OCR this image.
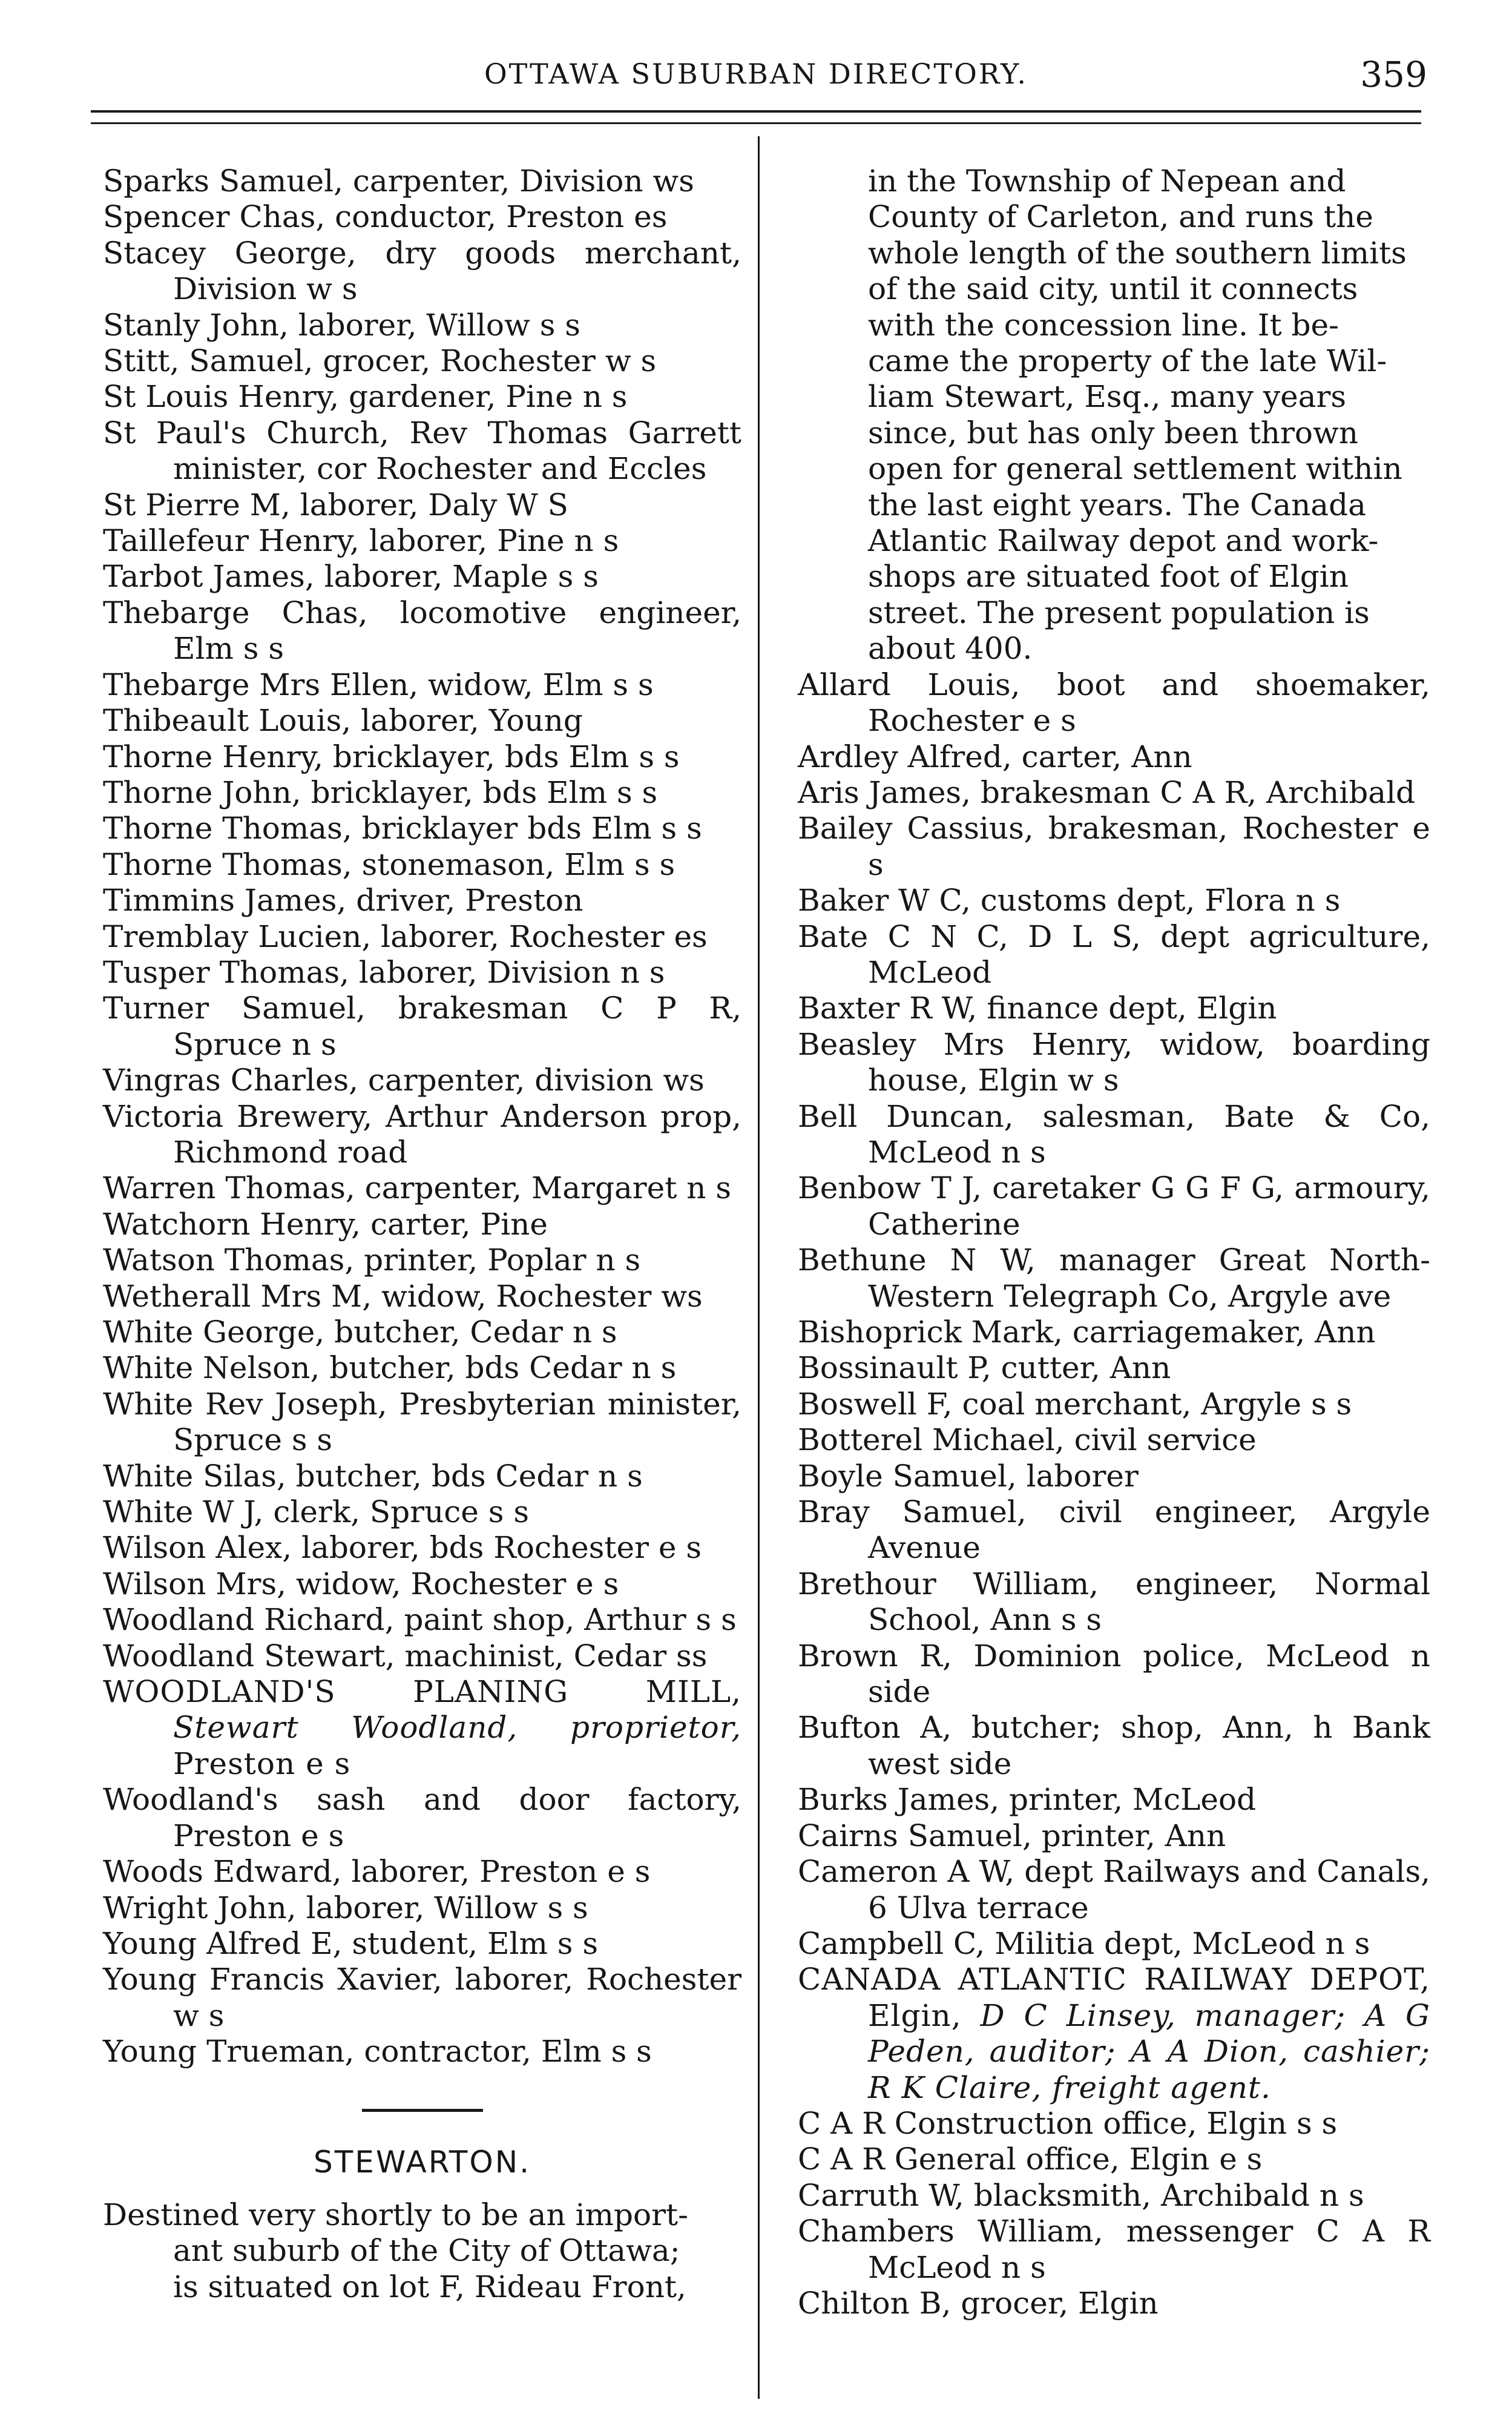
OTTAWA SUBURBAN DIRECTORY.	359
Sparks Samuel, carpenter, Division ws
Spencer Chas, conductor, Preston es
Stacey George, dry goods merchant, Division w s
Stanly John, laborer, Willow s s
Stitt, Samuel, grocer, Rochester w s
St Louis Henry, gardener, Pine n s
St Paul's Church, Rev Thomas Garrett minister, cor Rochester and Eccles
St Pierre M, laborer, Daly W S
Taillefeur Henry, laborer, Pine n s
Tarbot James, laborer, Maple s s
Thebarge Chas, locomotive engineer, Elm s s
Thebarge Mrs Ellen, widow, Elm s s
Thibeault Louis, laborer, Young
Thorne Henry, bricklayer, bds Elm s s
Thorne John, bricklayer, bds Elm s s
Thorne Thomas, bricklayer bds Elm s s
Thorne Thomas, stonemason, Elm s s
Timmins James, driver, Preston
Tremblay Lucien, laborer, Rochester es
Tusper Thomas, laborer, Division n s
Turner Samuel, brakesman C P R, Spruce n s
Vingras Charles, carpenter, division ws
Victoria Brewery, Arthur Anderson prop, Richmond road
Warren Thomas, carpenter, Margaret n s
Watchorn Henry, carter, Pine
Watson Thomas, printer, Poplar n s
Wetherall Mrs M, widow, Rochester ws
White George, butcher, Cedar n s
White Nelson, butcher, bds Cedar n s
White Rev Joseph, Presbyterian minister, Spruce s s
White Silas, butcher, bds Cedar n s
White W J, clerk, Spruce s s
Wilson Alex, laborer, bds Rochester e s
Wilson Mrs, widow, Rochester e s
Woodland Richard, paint shop, Arthur s s
Woodland Stewart, machinist, Cedar ss
WOODLAND'S PLANING MILL, Stewart Woodland, proprietor, Preston e s
Woodland's sash and door factory, Preston e s
Woods Edward, laborer, Preston e s
Wright John, laborer, Willow s s
Young Alfred E, student, Elm s s
Young Francis Xavier, laborer, Rochester w s
Young Trueman, contractor, Elm s s
STEWARTON.
Destined very shortly to be an import-
ant suburb of the City of Ottawa;
is situated on lot F, Rideau Front,
in the Township of Nepean and
County of Carleton, and runs the
whole length of the southern limits
of the said city, until it connects
with the concession line. It be-
came the property of the late Wil-
liam Stewart, Esq., many years
since, but has only been thrown
open for general settlement within
the last eight years. The Canada
Atlantic Railway depot and work-
shops are situated foot of Elgin
street. The present population is
about 400.
Allard Louis, boot and shoemaker, Rochester e s
Ardley Alfred, carter, Ann
Aris James, brakesman C A R, Archibald
Bailey Cassius, brakesman, Rochester e s
Baker W C, customs dept, Flora n s
Bate C N C, D L S, dept agriculture, McLeod
Baxter R W, finance dept, Elgin
Beasley Mrs Henry, widow, boarding house, Elgin w s
Bell Duncan, salesman, Bate & Co, McLeod n s
Benbow T J, caretaker G G F G, armoury, Catherine
Bethune N W, manager Great North-Western Telegraph Co, Argyle ave
Bishoprick Mark, carriagemaker, Ann
Bossinault P, cutter, Ann
Boswell F, coal merchant, Argyle s s
Botterel Michael, civil service
Boyle Samuel, laborer
Bray Samuel, civil engineer, Argyle Avenue
Brethour William, engineer, Normal School, Ann s s
Brown R, Dominion police, McLeod n side
Bufton A, butcher; shop, Ann, h Bank west side
Burks James, printer, McLeod
Cairns Samuel, printer, Ann
Cameron A W, dept Railways and Canals, 6 Ulva terrace
Campbell C, Militia dept, McLeod n s
CANADA ATLANTIC RAILWAY DEPOT, Elgin, D C Linsey, manager; A G Peden, auditor; A A Dion, cashier; R K Claire, freight agent.
C A R Construction office, Elgin s s
C A R General office, Elgin e s
Carruth W, blacksmith, Archibald n s
Chambers William, messenger C A R McLeod n s
Chilton B, grocer, Elgin
